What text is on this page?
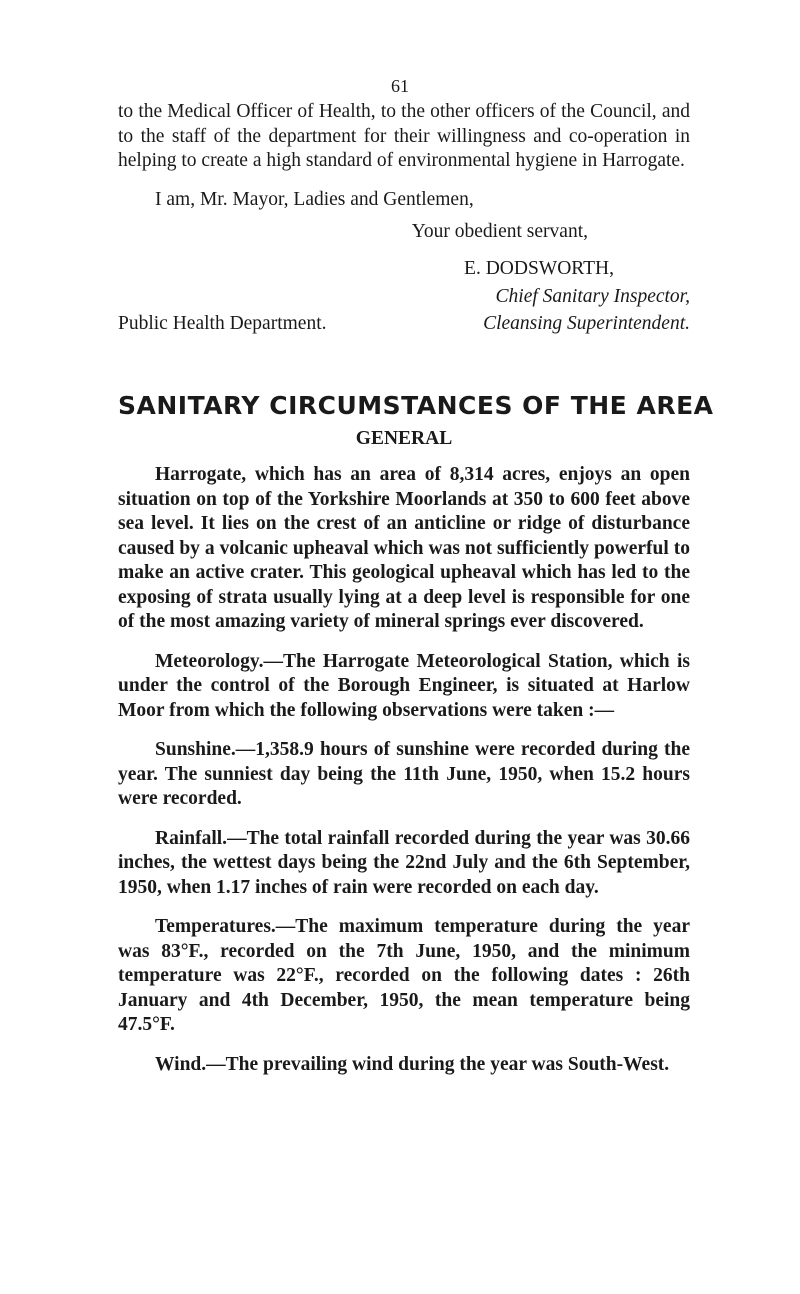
61

to the Medical Officer of Health, to the other officers of the Council, and to the staff of the department for their willingness and co-operation in helping to create a high standard of environmental hygiene in Harrogate.

I am, Mr. Mayor, Ladies and Gentlemen,

Your obedient servant,

E. DODSWORTH,

Chief Sanitary Inspector,

Public Health Department.	Cleansing Superintendent.

SANITARY CIRCUMSTANCES OF THE AREA
GENERAL

Harrogate, which has an area of 8,314 acres, enjoys an open situation on top of the Yorkshire Moorlands at 350 to 600 feet above sea level. It lies on the crest of an anticline or ridge of disturbance caused by a volcanic upheaval which was not sufficiently powerful to make an active crater. This geological upheaval which has led to the exposing of strata usually lying at a deep level is responsible for one of the most amazing variety of mineral springs ever discovered.

Meteorology.—The Harrogate Meteorological Station, which is under the control of the Borough Engineer, is situated at Harlow Moor from which the following observations were taken :—

Sunshine.—1,358.9 hours of sunshine were recorded during the year. The sunniest day being the 11th June, 1950, when 15.2 hours were recorded.

Rainfall.—The total rainfall recorded during the year was 30.66 inches, the wettest days being the 22nd July and the 6th September, 1950, when 1.17 inches of rain were recorded on each day.

Temperatures.—The maximum temperature during the year was 83°F., recorded on the 7th June, 1950, and the minimum temperature was 22°F., recorded on the following dates : 26th January and 4th December, 1950, the mean temperature being 47.5°F.

Wind.—The prevailing wind during the year was South-West.
